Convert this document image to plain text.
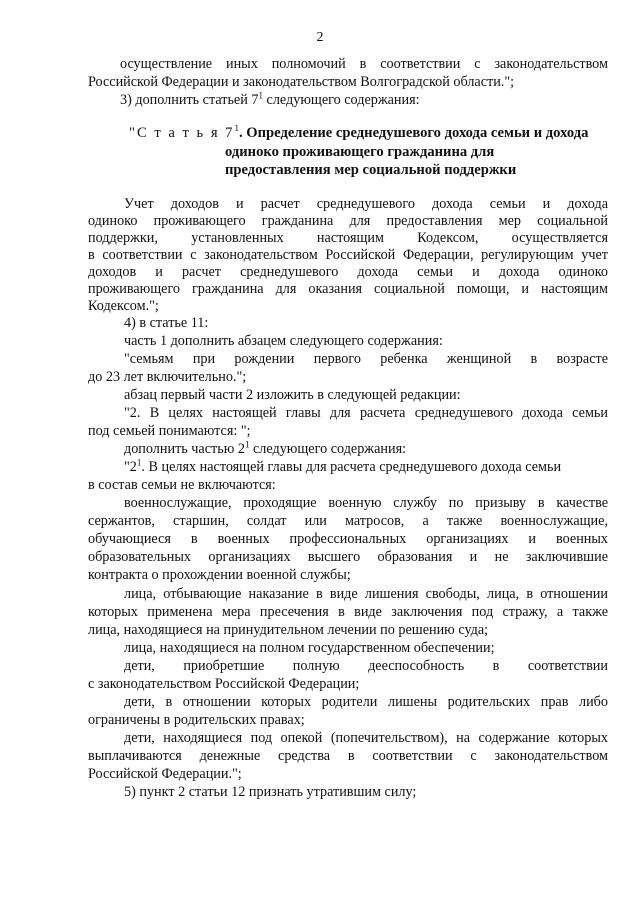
2
осуществление иных полномочий в соответствии с законодательством
Российской Федерации и законодательством Волгоградской области.";
3) дополнить статьей $7^1$ следующего содержания:
"С т а т ь я $7^1$. Определение среднедушевого дохода семьи и дохода
одиноко проживающего гражданина для
предоставления мер социальной поддержки
Учет доходов и расчет среднедушевого дохода семьи и дохода
одиноко проживающего гражданина для предоставления мер социальной
поддержки, установленных настоящим Кодексом, осуществляется
в соответствии с законодательством Российской Федерации, регулирующим учет
доходов и расчет среднедушевого дохода семьи и дохода одиноко
проживающего гражданина для оказания социальной помощи, и настоящим
Кодексом.";
4) в статье 11:
часть 1 дополнить абзацем следующего содержания:
"семьям при рождении первого ребенка женщиной в возрасте
до 23 лет включительно.";
абзац первый части 2 изложить в следующей редакции:
"2. В целях настоящей главы для расчета среднедушевого дохода семьи
под семьей понимаются: ";
дополнить частью $2^1$ следующего содержания:
"$2^1$. В целях настоящей главы для расчета среднедушевого дохода семьи
в состав семьи не включаются:
военнослужащие, проходящие военную службу по призыву в качестве
сержантов, старшин, солдат или матросов, а также военнослужащие,
обучающиеся в военных профессиональных организациях и военных
образовательных организациях высшего образования и не заключившие
контракта о прохождении военной службы;
лица, отбывающие наказание в виде лишения свободы, лица, в отношении
которых применена мера пресечения в виде заключения под стражу, а также
лица, находящиеся на принудительном лечении по решению суда;
лица, находящиеся на полном государственном обеспечении;
дети, приобретшие полную дееспособность в соответствии
с законодательством Российской Федерации;
дети, в отношении которых родители лишены родительских прав либо
ограничены в родительских правах;
дети, находящиеся под опекой (попечительством), на содержание которых
выплачиваются денежные средства в соответствии с законодательством
Российской Федерации.";
5) пункт 2 статьи 12 признать утратившим силу;
